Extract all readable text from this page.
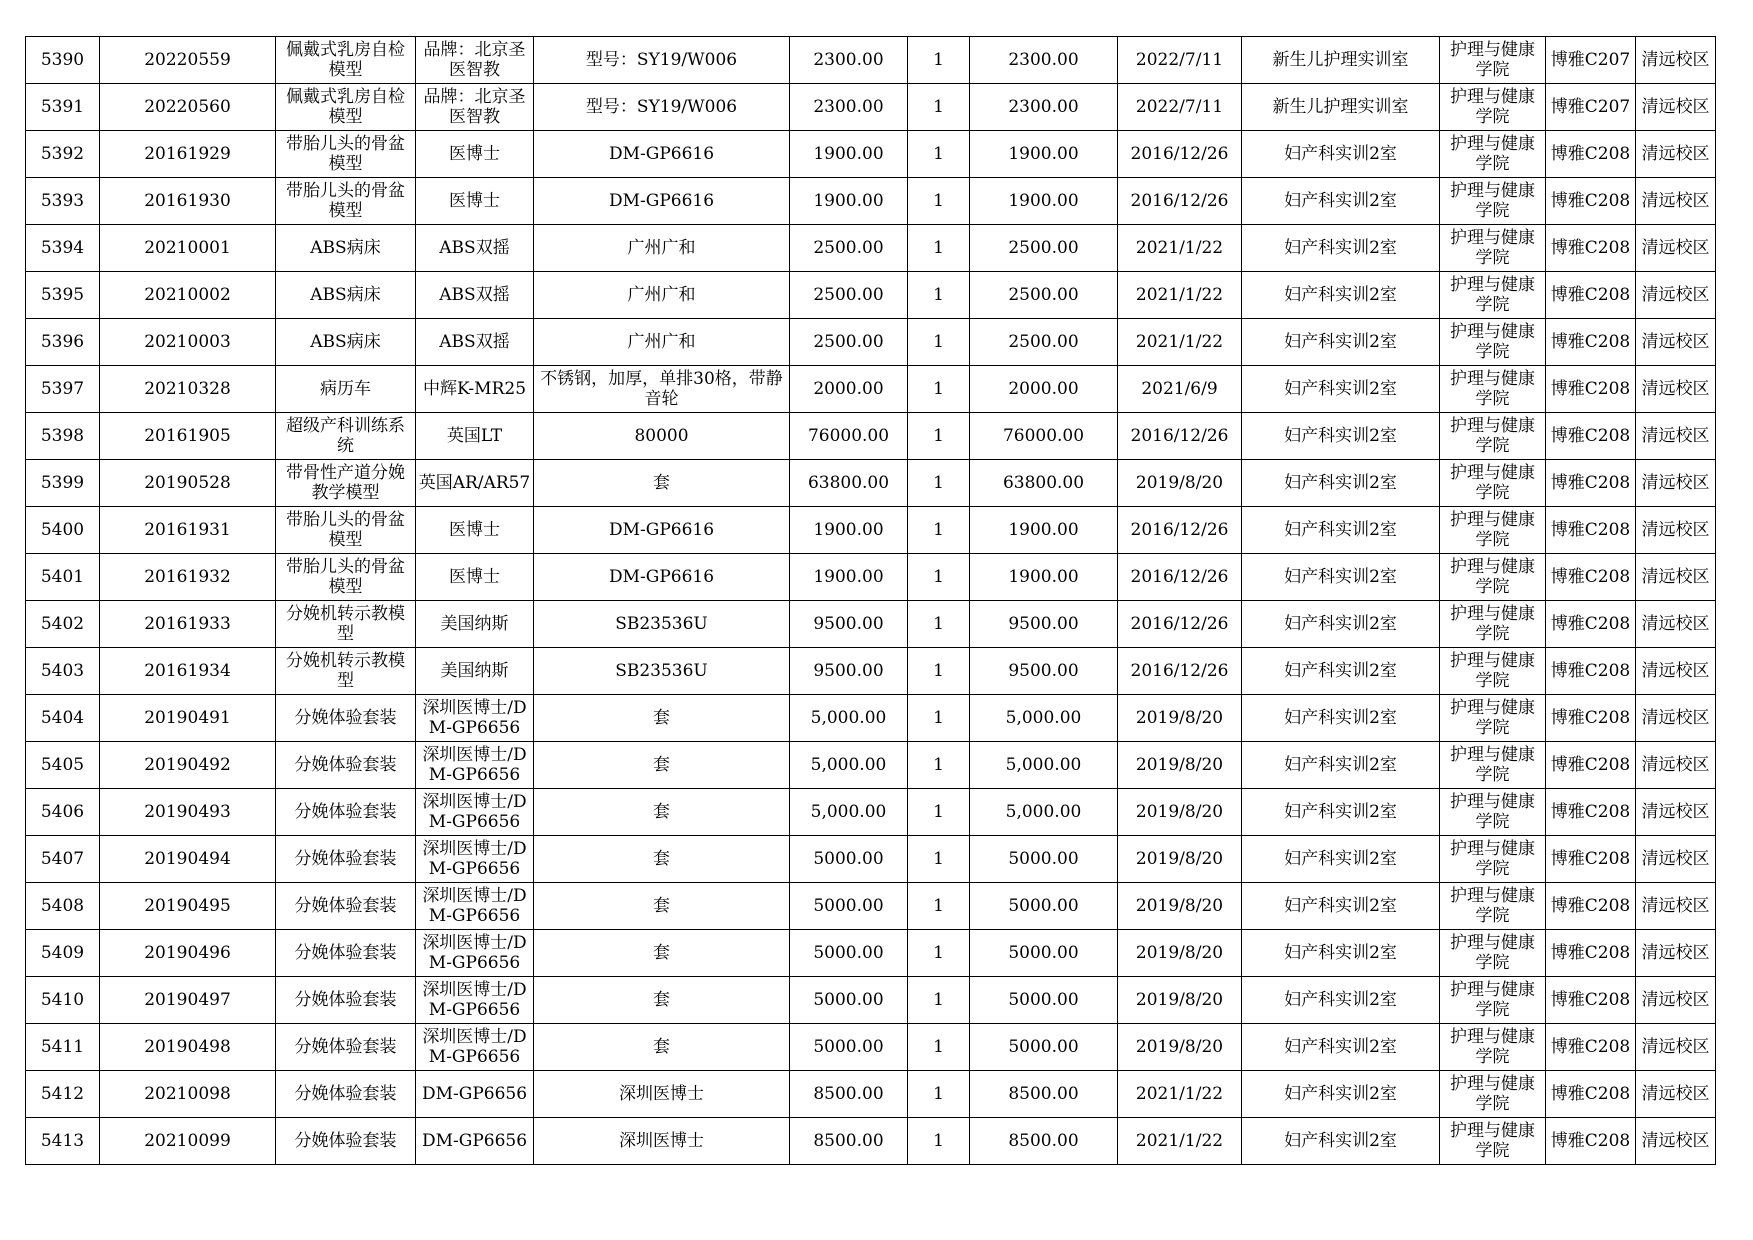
5390	20220559	佩戴式乳房自检模型	品牌：北京圣医智教	型号：SY19/W006	2300.00	1	2300.00	2022/7/11	新生儿护理实训室	护理与健康学院	博雅C207	清远校区
5391	20220560	佩戴式乳房自检模型	品牌：北京圣医智教	型号：SY19/W006	2300.00	1	2300.00	2022/7/11	新生儿护理实训室	护理与健康学院	博雅C207	清远校区
5392	20161929	带胎儿头的骨盆模型	医博士	DM-GP6616	1900.00	1	1900.00	2016/12/26	妇产科实训2室	护理与健康学院	博雅C208	清远校区
5393	20161930	带胎儿头的骨盆模型	医博士	DM-GP6616	1900.00	1	1900.00	2016/12/26	妇产科实训2室	护理与健康学院	博雅C208	清远校区
5394	20210001	ABS病床	ABS双摇	广州广和	2500.00	1	2500.00	2021/1/22	妇产科实训2室	护理与健康学院	博雅C208	清远校区
5395	20210002	ABS病床	ABS双摇	广州广和	2500.00	1	2500.00	2021/1/22	妇产科实训2室	护理与健康学院	博雅C208	清远校区
5396	20210003	ABS病床	ABS双摇	广州广和	2500.00	1	2500.00	2021/1/22	妇产科实训2室	护理与健康学院	博雅C208	清远校区
5397	20210328	病历车	中辉K-MR25	不锈钢，加厚，单排30格，带静音轮	2000.00	1	2000.00	2021/6/9	妇产科实训2室	护理与健康学院	博雅C208	清远校区
5398	20161905	超级产科训练系统	英国LT	80000	76000.00	1	76000.00	2016/12/26	妇产科实训2室	护理与健康学院	博雅C208	清远校区
5399	20190528	带骨性产道分娩教学模型	英国AR/AR57	套	63800.00	1	63800.00	2019/8/20	妇产科实训2室	护理与健康学院	博雅C208	清远校区
5400	20161931	带胎儿头的骨盆模型	医博士	DM-GP6616	1900.00	1	1900.00	2016/12/26	妇产科实训2室	护理与健康学院	博雅C208	清远校区
5401	20161932	带胎儿头的骨盆模型	医博士	DM-GP6616	1900.00	1	1900.00	2016/12/26	妇产科实训2室	护理与健康学院	博雅C208	清远校区
5402	20161933	分娩机转示教模型	美国纳斯	SB23536U	9500.00	1	9500.00	2016/12/26	妇产科实训2室	护理与健康学院	博雅C208	清远校区
5403	20161934	分娩机转示教模型	美国纳斯	SB23536U	9500.00	1	9500.00	2016/12/26	妇产科实训2室	护理与健康学院	博雅C208	清远校区
5404	20190491	分娩体验套装	深圳医博士/DM-GP6656	套	5,000.00	1	5,000.00	2019/8/20	妇产科实训2室	护理与健康学院	博雅C208	清远校区
5405	20190492	分娩体验套装	深圳医博士/DM-GP6656	套	5,000.00	1	5,000.00	2019/8/20	妇产科实训2室	护理与健康学院	博雅C208	清远校区
5406	20190493	分娩体验套装	深圳医博士/DM-GP6656	套	5,000.00	1	5,000.00	2019/8/20	妇产科实训2室	护理与健康学院	博雅C208	清远校区
5407	20190494	分娩体验套装	深圳医博士/DM-GP6656	套	5000.00	1	5000.00	2019/8/20	妇产科实训2室	护理与健康学院	博雅C208	清远校区
5408	20190495	分娩体验套装	深圳医博士/DM-GP6656	套	5000.00	1	5000.00	2019/8/20	妇产科实训2室	护理与健康学院	博雅C208	清远校区
5409	20190496	分娩体验套装	深圳医博士/DM-GP6656	套	5000.00	1	5000.00	2019/8/20	妇产科实训2室	护理与健康学院	博雅C208	清远校区
5410	20190497	分娩体验套装	深圳医博士/DM-GP6656	套	5000.00	1	5000.00	2019/8/20	妇产科实训2室	护理与健康学院	博雅C208	清远校区
5411	20190498	分娩体验套装	深圳医博士/DM-GP6656	套	5000.00	1	5000.00	2019/8/20	妇产科实训2室	护理与健康学院	博雅C208	清远校区
5412	20210098	分娩体验套装	DM-GP6656	深圳医博士	8500.00	1	8500.00	2021/1/22	妇产科实训2室	护理与健康学院	博雅C208	清远校区
5413	20210099	分娩体验套装	DM-GP6656	深圳医博士	8500.00	1	8500.00	2021/1/22	妇产科实训2室	护理与健康学院	博雅C208	清远校区
